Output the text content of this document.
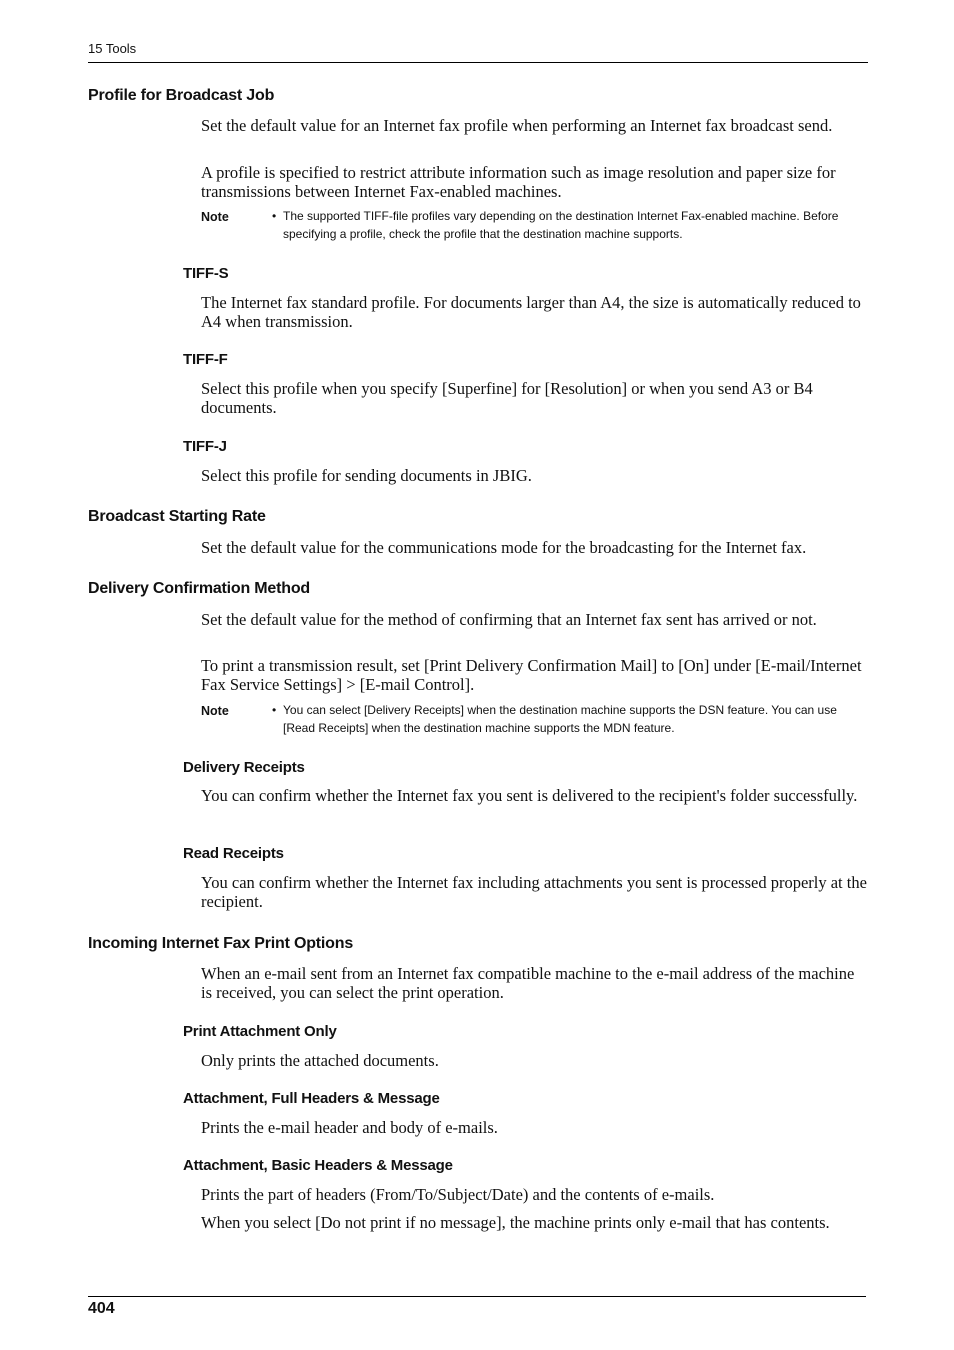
15 Tools
Profile for Broadcast Job
Set the default value for an Internet fax profile when performing an Internet fax broadcast send.
A profile is specified to restrict attribute information such as image resolution and paper size for transmissions between Internet Fax-enabled machines.
Note	• The supported TIFF-file profiles vary depending on the destination Internet Fax-enabled machine. Before specifying a profile, check the profile that the destination machine supports.
TIFF-S
The Internet fax standard profile. For documents larger than A4, the size is automatically reduced to A4 when transmission.
TIFF-F
Select this profile when you specify [Superfine] for [Resolution] or when you send A3 or B4 documents.
TIFF-J
Select this profile for sending documents in JBIG.
Broadcast Starting Rate
Set the default value for the communications mode for the broadcasting for the Internet fax.
Delivery Confirmation Method
Set the default value for the method of confirming that an Internet fax sent has arrived or not.
To print a transmission result, set [Print Delivery Confirmation Mail] to [On] under [E-mail/Internet Fax Service Settings] > [E-mail Control].
Note	• You can select [Delivery Receipts] when the destination machine supports the DSN feature. You can use [Read Receipts] when the destination machine supports the MDN feature.
Delivery Receipts
You can confirm whether the Internet fax you sent is delivered to the recipient's folder successfully.
Read Receipts
You can confirm whether the Internet fax including attachments you sent is processed properly at the recipient.
Incoming Internet Fax Print Options
When an e-mail sent from an Internet fax compatible machine to the e-mail address of the machine is received, you can select the print operation.
Print Attachment Only
Only prints the attached documents.
Attachment, Full Headers & Message
Prints the e-mail header and body of e-mails.
Attachment, Basic Headers & Message
Prints the part of headers (From/To/Subject/Date) and the contents of e-mails.
When you select [Do not print if no message], the machine prints only e-mail that has contents.
404
